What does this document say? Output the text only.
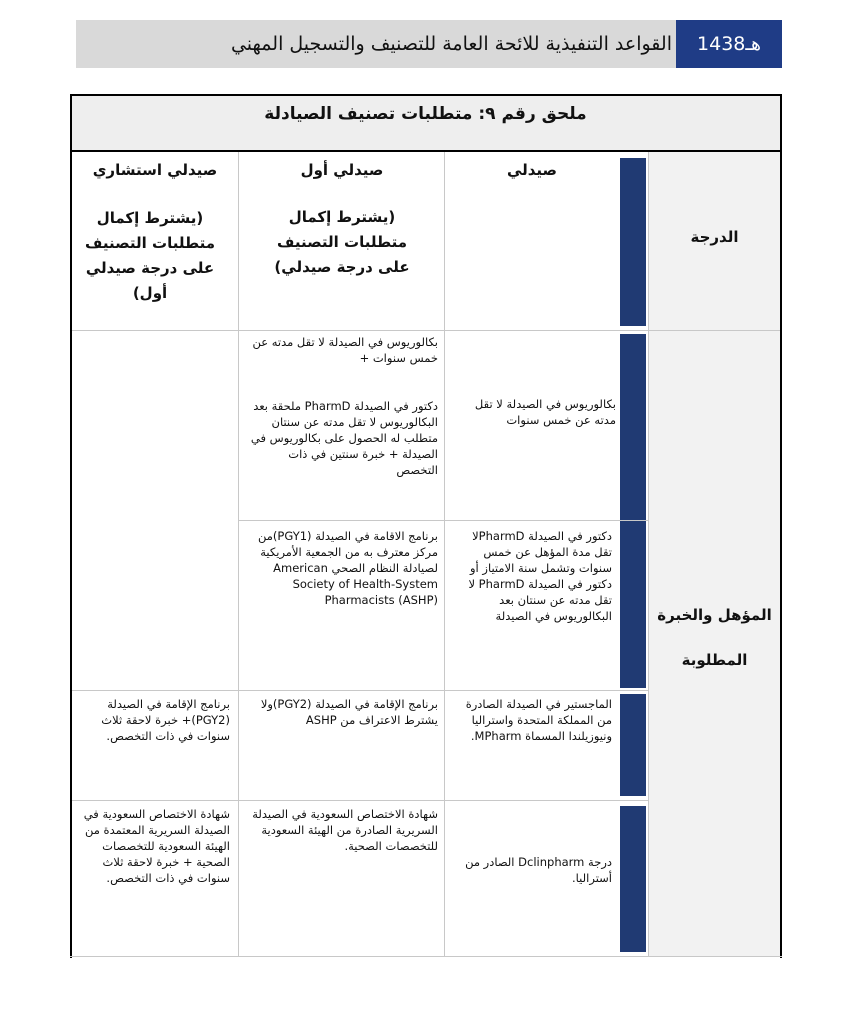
القواعد التنفيذية للائحة العامة للتصنيف والتسجيل المهني	1438هـ
ملحق رقم ٩: متطلبات تصنيف الصيادلة
الدرجة
المؤهل والخبرة
المطلوبة
صيدلي
صيدلي أول
(يشترط إكمال متطلبات التصنيف على درجة صيدلي)
صيدلي استشاري
(يشترط إكمال متطلبات التصنيف على درجة صيدلي أول)
بكالوريوس في الصيدلة لا تقل مدته عن خمس سنوات
بكالوريوس في الصيدلة لا تقل مدته عن خمس سنوات +
دكتور في الصيدلة PharmD ملحقة بعد البكالوريوس لا تقل مدته عن سنتان متطلب له الحصول على بكالوريوس في الصيدلة + خبرة سنتين في ذات التخصص
دكتور في الصيدلة PharmDلا تقل مدة المؤهل عن خمس سنوات وتشمل سنة الامتياز أو دكتور في الصيدلة PharmD لا تقل مدته عن سنتان بعد البكالوريوس في الصيدلة
برنامج الاقامة في الصيدلة (PGY1)من مركز معترف به من الجمعية الأمريكية لصيادلة النظام الصحي American Society of Health-System Pharmacists (ASHP)
الماجستير في الصيدلة الصادرة من المملكة المتحدة واستراليا ونيوزيلندا المسماة MPharm.
برنامج الإقامة في الصيدلة (PGY2)ولا يشترط الاعتراف من ASHP
برنامج الإقامة في الصيدلة (PGY2)+ خبرة لاحقة ثلاث سنوات في ذات التخصص.
درجة Dclinpharm الصادر من أستراليا.
شهادة الاختصاص السعودية في الصيدلة السريرية الصادرة من الهيئة السعودية للتخصصات الصحية.
شهادة الاختصاص السعودية في الصيدلة السريرية المعتمدة من الهيئة السعودية للتخصصات الصحية + خبرة لاحقة ثلاث سنوات في ذات التخصص.
